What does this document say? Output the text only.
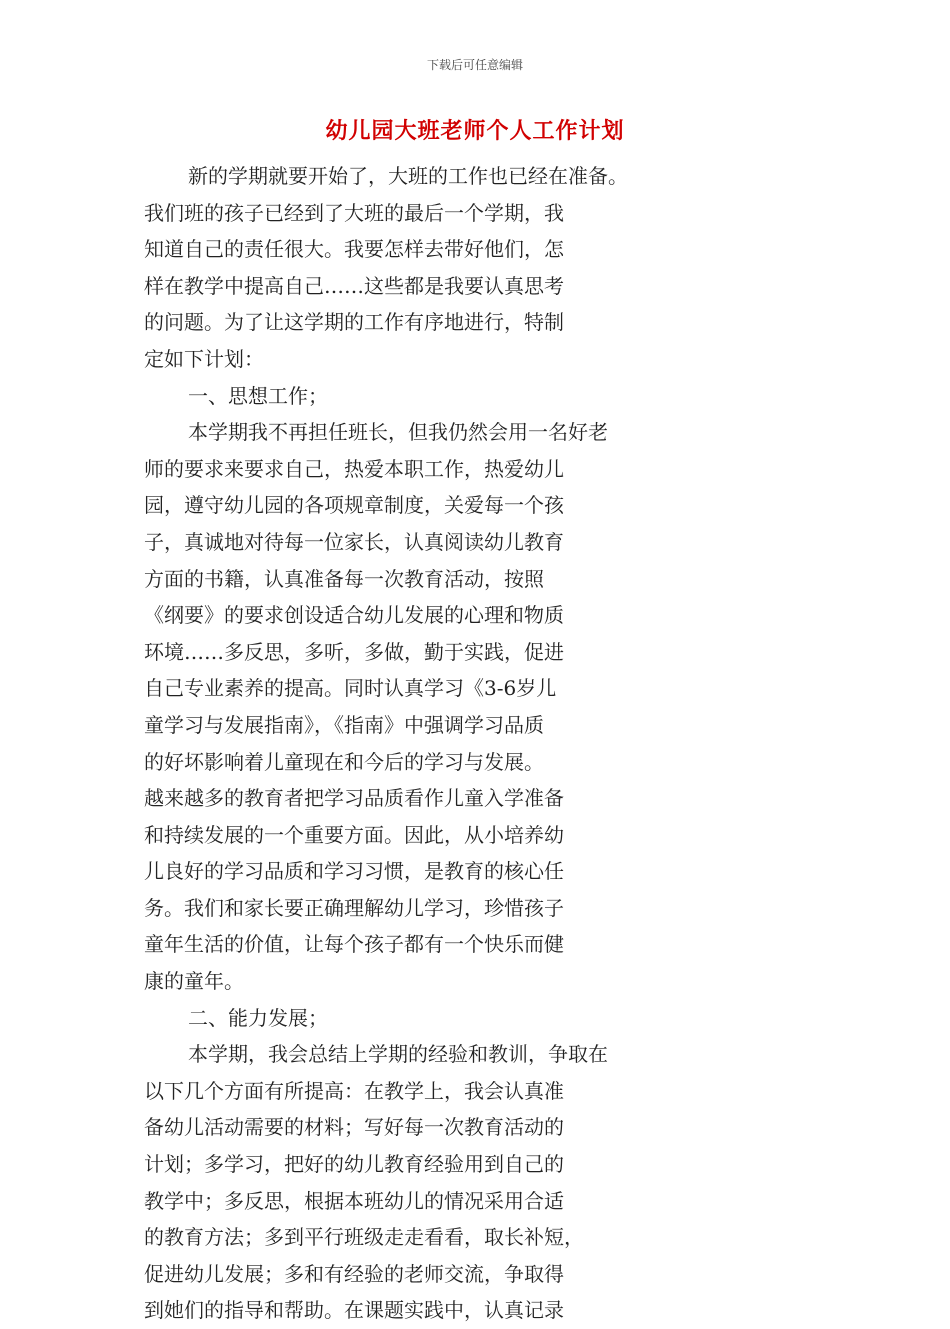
下载后可任意编辑
幼儿园大班老师个人工作计划
新的学期就要开始了，大班的工作也已经在准备。
我们班的孩子已经到了大班的最后一个学期，我
知道自己的责任很大。我要怎样去带好他们，怎
样在教学中提高自己……这些都是我要认真思考
的问题。为了让这学期的工作有序地进行，特制
定如下计划：
一、思想工作；
本学期我不再担任班长，但我仍然会用一名好老
师的要求来要求自己，热爱本职工作，热爱幼儿
园，遵守幼儿园的各项规章制度，关爱每一个孩
子，真诚地对待每一位家长，认真阅读幼儿教育
方面的书籍，认真准备每一次教育活动，按照
《纲要》的要求创设适合幼儿发展的心理和物质
环境……多反思，多听，多做，勤于实践，促进
自己专业素养的提高。同时认真学习《3-6岁儿
童学习与发展指南》，《指南》中强调学习品质
的好坏影响着儿童现在和今后的学习与发展。
越来越多的教育者把学习品质看作儿童入学准备
和持续发展的一个重要方面。因此，从小培养幼
儿良好的学习品质和学习习惯，是教育的核心任
务。我们和家长要正确理解幼儿学习，珍惜孩子
童年生活的价值，让每个孩子都有一个快乐而健
康的童年。
二、能力发展；
本学期，我会总结上学期的经验和教训，争取在
以下几个方面有所提高：在教学上，我会认真准
备幼儿活动需要的材料；写好每一次教育活动的
计划；多学习，把好的幼儿教育经验用到自己的
教学中；多反思，根据本班幼儿的情况采用合适
的教育方法；多到平行班级走走看看，取长补短，
促进幼儿发展；多和有经验的老师交流，争取得
到她们的指导和帮助。在课题实践中，认真记录
